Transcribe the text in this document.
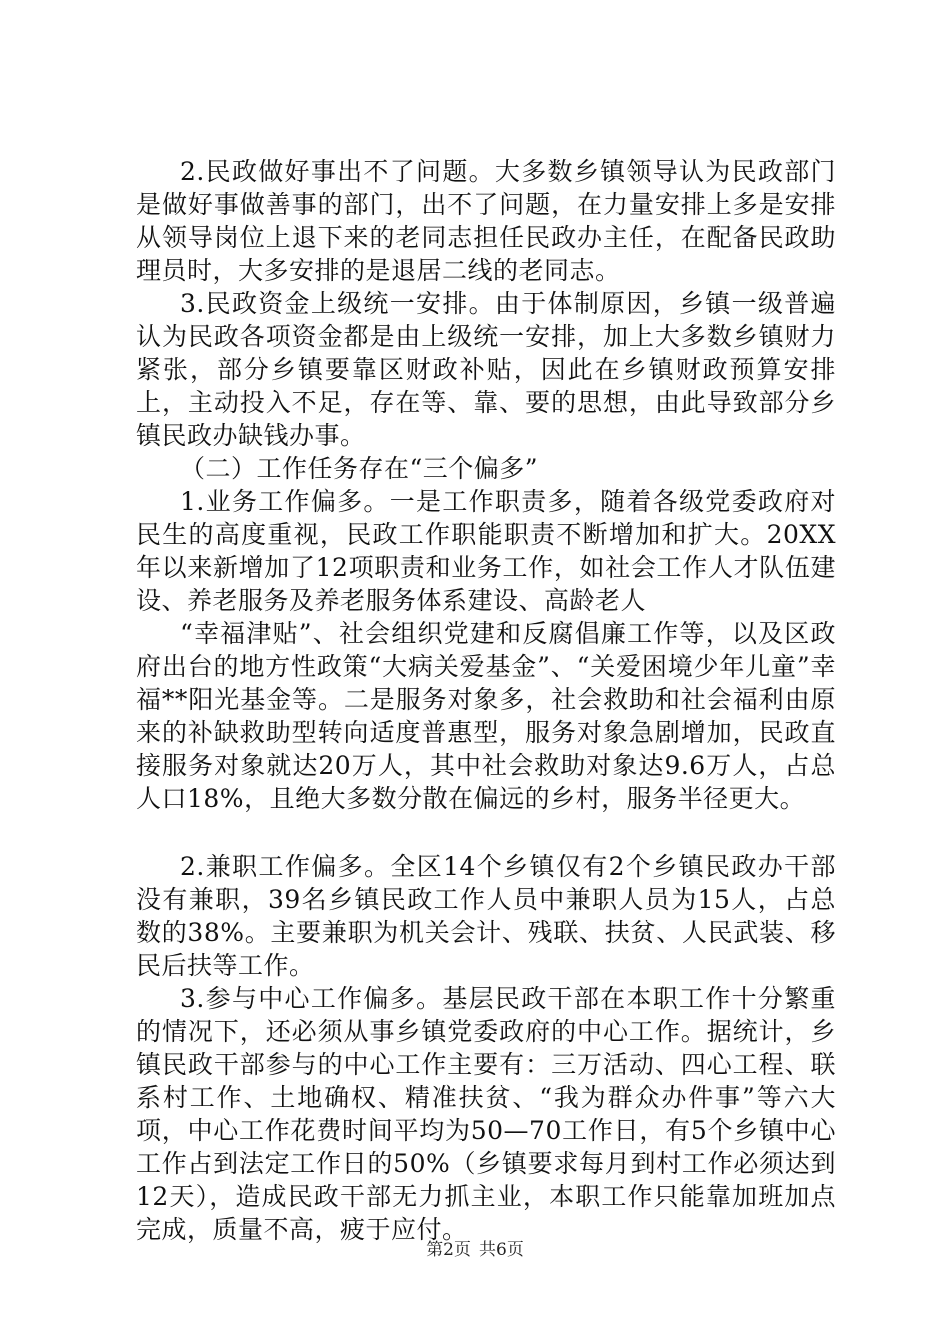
2.民政做好事出不了问题。大多数乡镇领导认为民政部门是做好事做善事的部门，出不了问题，在力量安排上多是安排从领导岗位上退下来的老同志担任民政办主任，在配备民政助理员时，大多安排的是退居二线的老同志。

3.民政资金上级统一安排。由于体制原因，乡镇一级普遍认为民政各项资金都是由上级统一安排，加上大多数乡镇财力紧张，部分乡镇要靠区财政补贴，因此在乡镇财政预算安排上，主动投入不足，存在等、靠、要的思想，由此导致部分乡镇民政办缺钱办事。

（二）工作任务存在“三个偏多”

1.业务工作偏多。一是工作职责多，随着各级党委政府对民生的高度重视，民政工作职能职责不断增加和扩大。20XX年以来新增加了12项职责和业务工作，如社会工作人才队伍建设、养老服务及养老服务体系建设、高龄老人

“幸福津贴”、社会组织党建和反腐倡廉工作等，以及区政府出台的地方性政策“大病关爱基金”、“关爱困境少年儿童”幸福**阳光基金等。二是服务对象多，社会救助和社会福利由原来的补缺救助型转向适度普惠型，服务对象急剧增加，民政直接服务对象就达20万人，其中社会救助对象达9.6万人，占总人口18%，且绝大多数分散在偏远的乡村，服务半径更大。

2.兼职工作偏多。全区14个乡镇仅有2个乡镇民政办干部没有兼职，39名乡镇民政工作人员中兼职人员为15人，占总数的38%。主要兼职为机关会计、残联、扶贫、人民武装、移民后扶等工作。

3.参与中心工作偏多。基层民政干部在本职工作十分繁重的情况下，还必须从事乡镇党委政府的中心工作。据统计，乡镇民政干部参与的中心工作主要有：三万活动、四心工程、联系村工作、土地确权、精准扶贫、“我为群众办件事”等六大项，中心工作花费时间平均为50—70工作日，有5个乡镇中心工作占到法定工作日的50%（乡镇要求每月到村工作必须达到12天），造成民政干部无力抓主业，本职工作只能靠加班加点完成，质量不高，疲于应付。

第2页 共6页
